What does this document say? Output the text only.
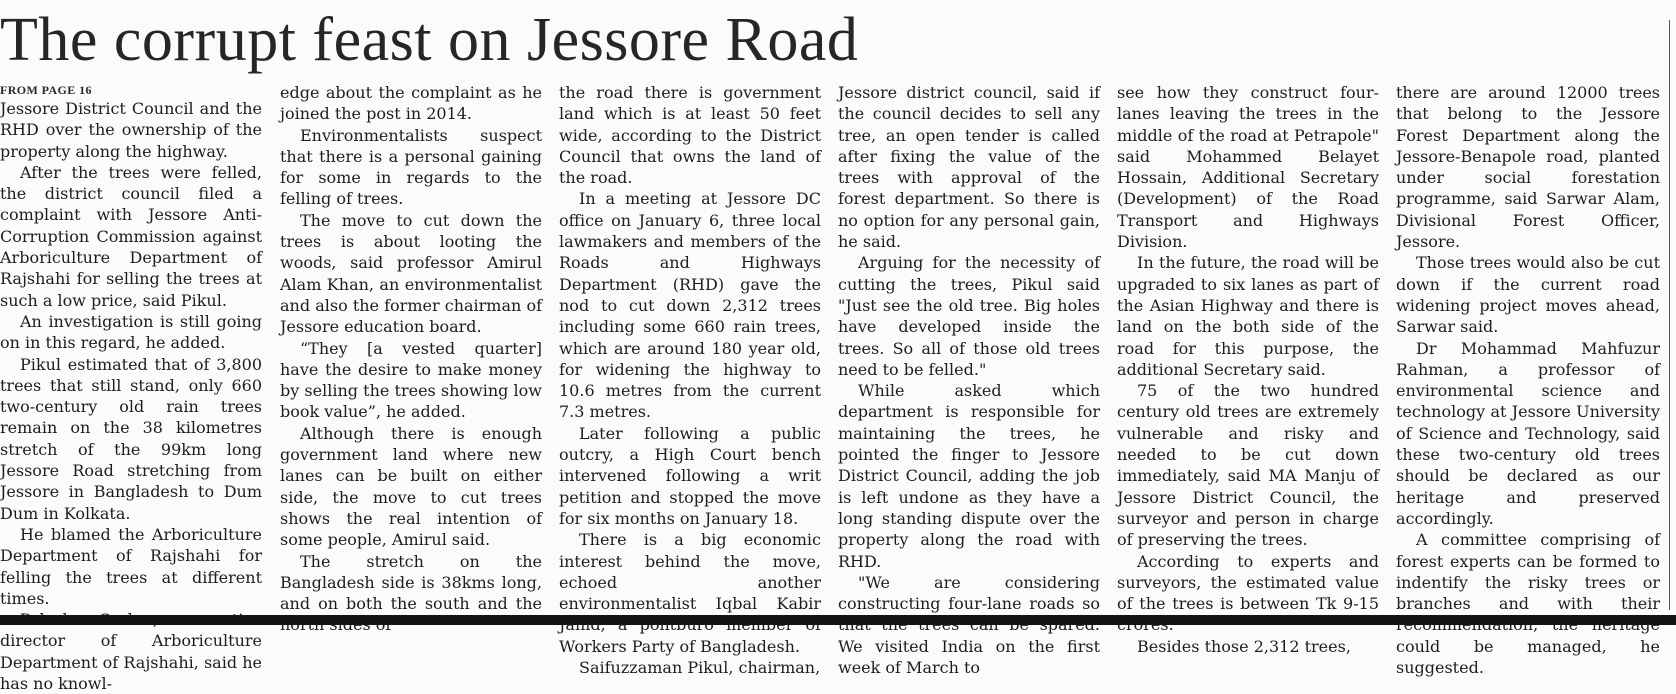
The corrupt feast on Jessore Road
FROM PAGE 16

Jessore District Council and the RHD over the ownership of the property along the highway.

After the trees were felled, the district council filed a complaint with Jessore Anti-Corruption Commission against Arboriculture Department of Rajshahi for selling the trees at such a low price, said Pikul.

An investigation is still going on in this regard, he added.

Pikul estimated that of 3,800 trees that still stand, only 660 two-century old rain trees remain on the 38 kilometres stretch of the 99km long Jessore Road stretching from Jessore in Bangladesh to Dum Dum in Kolkata.

He blamed the Arboriculture Department of Rajshahi for felling the trees at different times.

director of Arboriculture Department of Rajshahi, said he has no knowl-

edge about the complaint as he joined the post in 2014.

Environmentalists suspect that there is a personal gaining for some in regards to the felling of trees.

The move to cut down the trees is about looting the woods, said professor Amirul Alam Khan, an environmentalist and also the former chairman of Jessore education board.

“They [a vested quarter] have the desire to make money by selling the trees showing low book value”, he added.

Although there is enough government land where new lanes can be built on either side, the move to cut trees shows the real intention of some people, Amirul said.

The stretch on the Bangladesh side is 38kms long, and on both the south and the

the road there is government land which is at least 50 feet wide, according to the District Council that owns the land of the road.

In a meeting at Jessore DC office on January 6, three local lawmakers and members of the Roads and Highways Department (RHD) gave the nod to cut down 2,312 trees including some 660 rain trees, which are around 180 year old, for widening the highway to 10.6 metres from the current 7.3 metres.

Later following a public outcry, a High Court bench intervened following a writ petition and stopped the move for six months on January 18.

There is a big economic interest behind the move, echoed another environmentalist Iqbal Kabir Workers Party of Bangladesh.

Saifuzzaman Pikul, chairman,

Jessore district council, said if the council decides to sell any tree, an open tender is called after fixing the value of the trees with approval of the forest department. So there is no option for any personal gain, he said.

Arguing for the necessity of cutting the trees, Pikul said "Just see the old tree. Big holes have developed inside the trees. So all of those old trees need to be felled."

While asked which department is responsible for maintaining the trees, he pointed the finger to Jessore District Council, adding the job is left undone as they have a long standing dispute over the property along the road with RHD.

"We are considering constructing four-lane roads so We visited India on the first week of March to

see how they construct four-lanes leaving the trees in the middle of the road at Petrapole" said Mohammed Belayet Hossain, Additional Secretary (Development) of the Road Transport and Highways Division.

In the future, the road will be upgraded to six lanes as part of the Asian Highway and there is land on the both side of the road for this purpose, the additional Secretary said.

75 of the two hundred century old trees are extremely vulnerable and risky and needed to be cut down immediately, said MA Manju of Jessore District Council, the surveyor and person in charge of preserving the trees.

According to experts and surveyors, the estimated value of the trees is between Tk 9-15

Besides those 2,312 trees,

there are around 12000 trees that belong to the Jessore Forest Department along the Jessore-Benapole road, planted under social forestation programme, said Sarwar Alam, Divisional Forest Officer, Jessore.

Those trees would also be cut down if the current road widening project moves ahead, Sarwar said.

Dr Mohammad Mahfuzur Rahman, a professor of environmental science and technology at Jessore University of Science and Technology, said these two-century old trees should be declared as our heritage and preserved accordingly.

A committee comprising of forest experts can be formed to indentify the risky trees or branches and with their could be managed, he suggested.
